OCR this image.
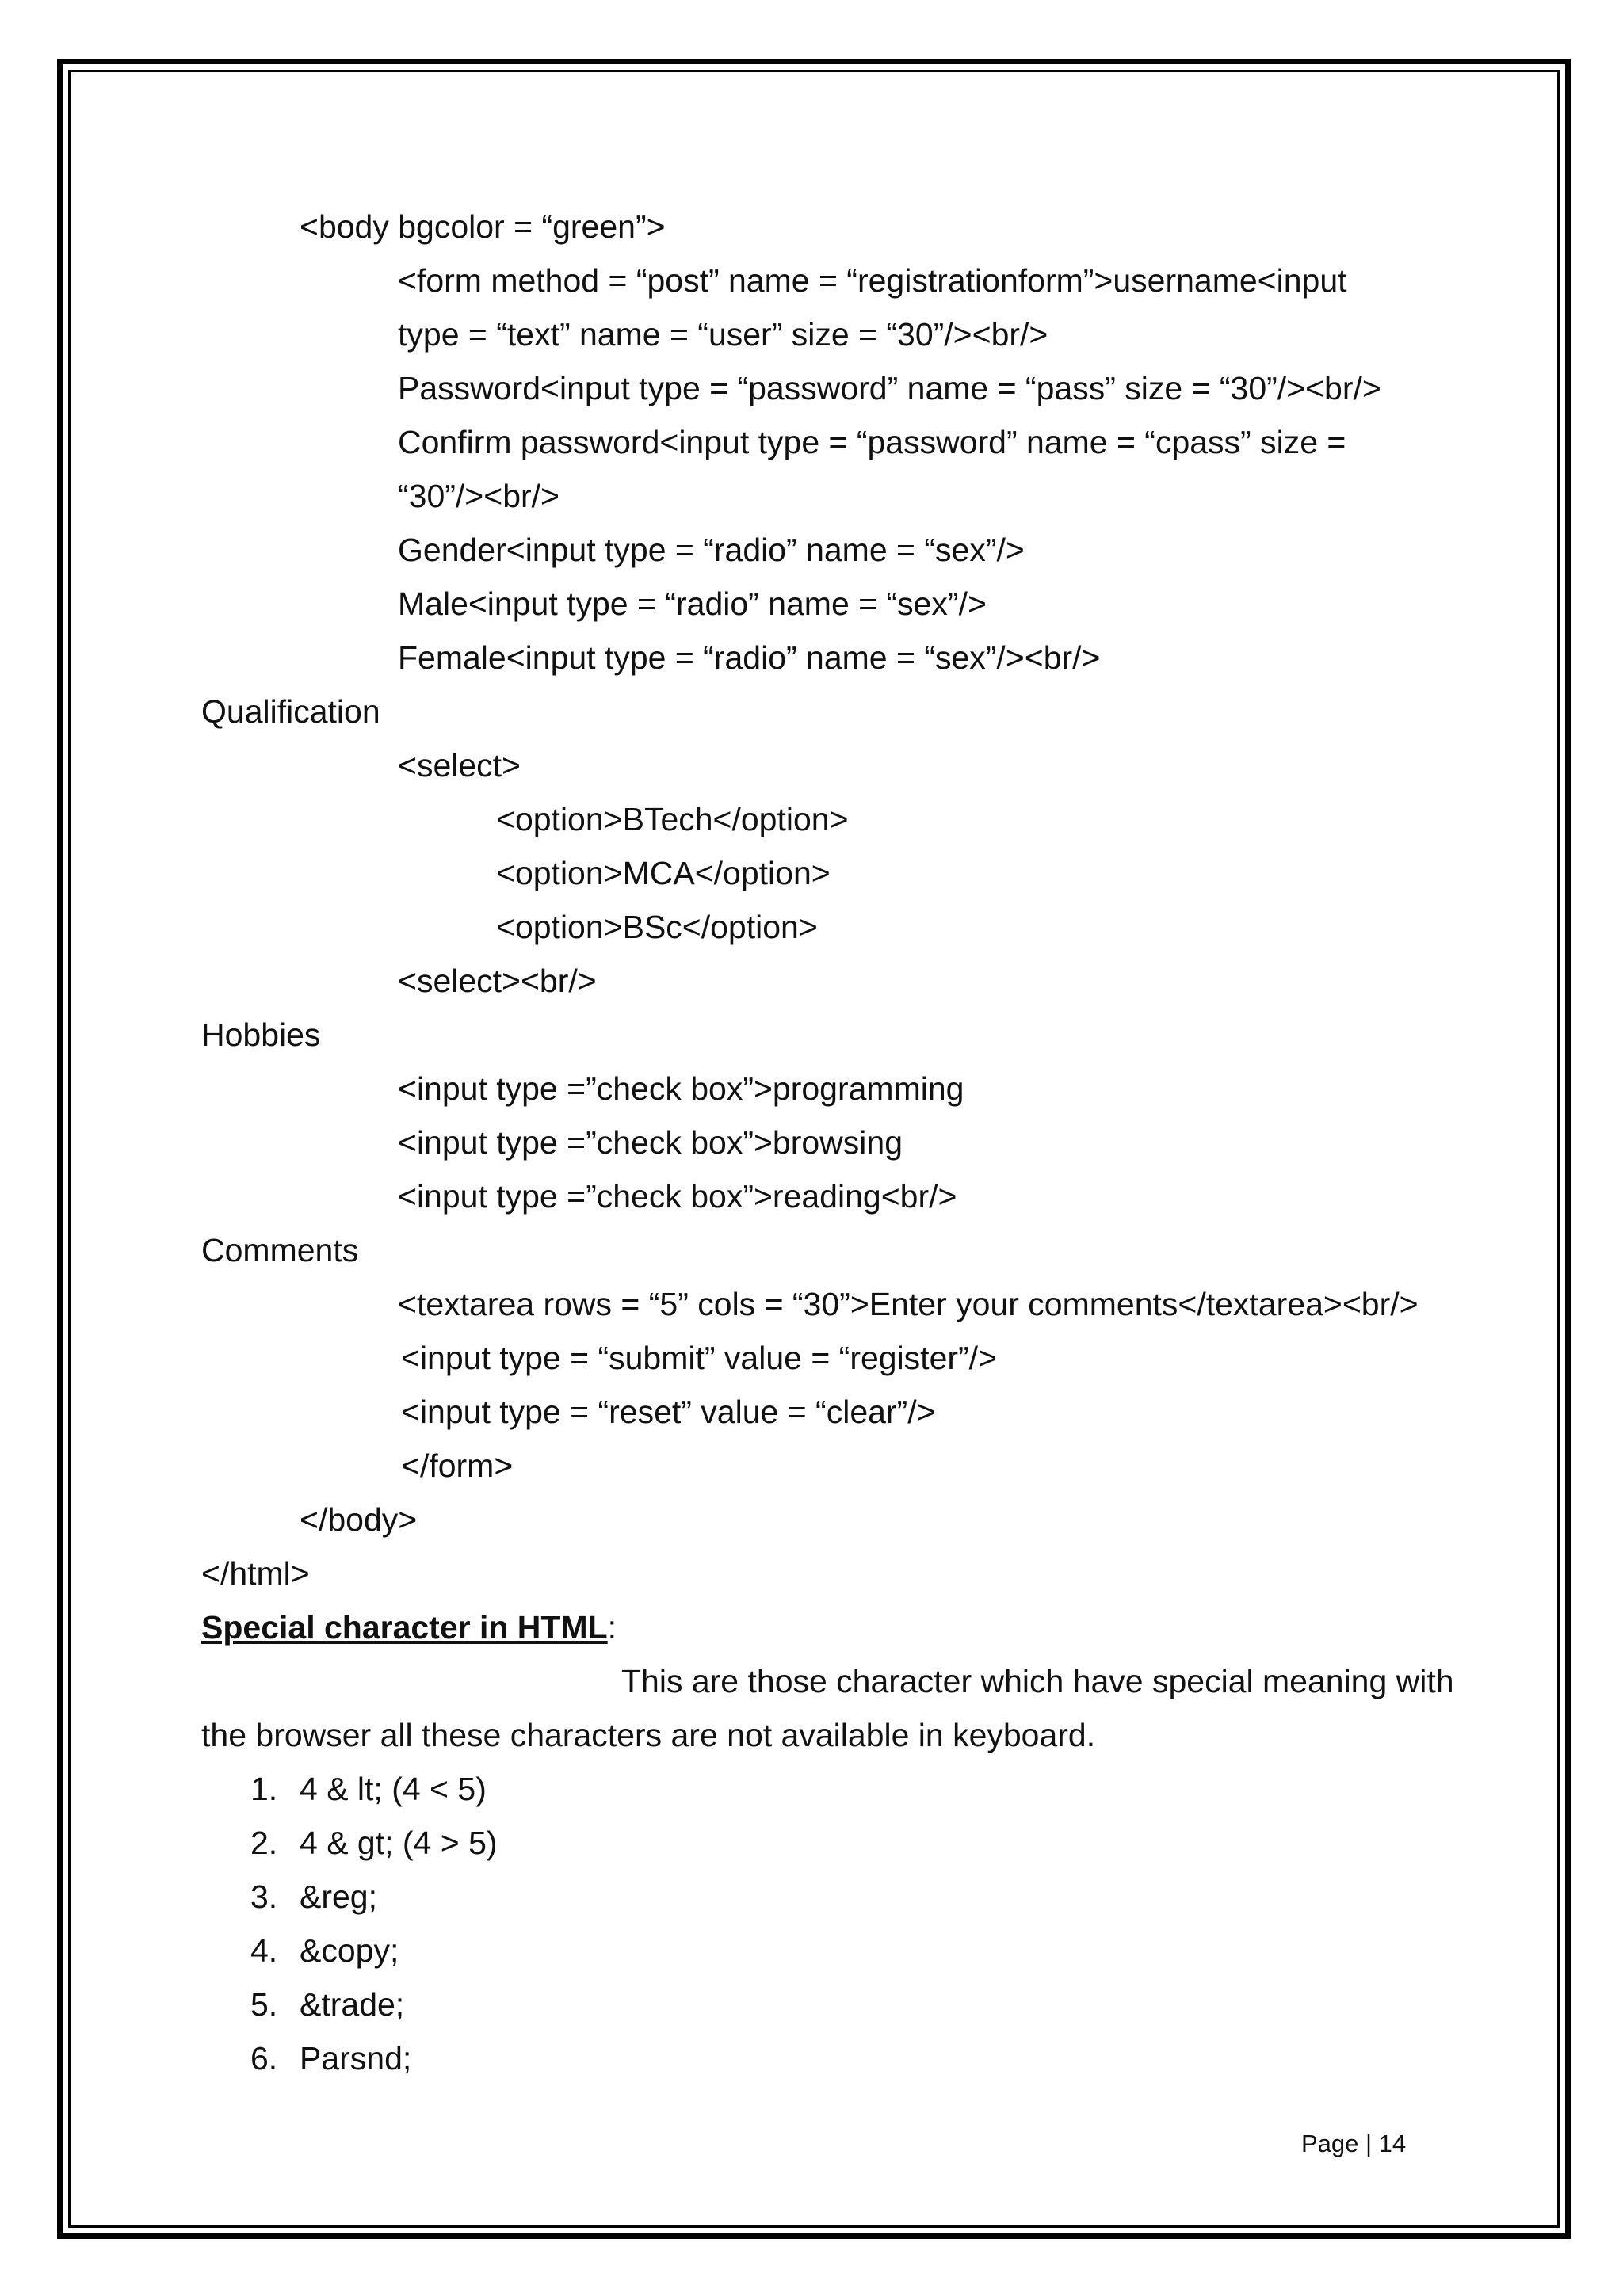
<body bgcolor = “green”>
<form method = “post” name = “registrationform”>username<input
type = “text” name = “user” size = “30”/><br/>
Password<input type = “password” name = “pass” size = “30”/><br/>
Confirm password<input type = “password” name = “cpass” size =
“30”/><br/>
Gender<input type = “radio” name = “sex”/>
Male<input type = “radio” name = “sex”/>
Female<input type = “radio” name = “sex”/><br/>
Qualification
<select>
<option>BTech</option>
<option>MCA</option>
<option>BSc</option>
<select><br/>
Hobbies
<input type =”check box”>programming
<input type =”check box”>browsing
<input type =”check box”>reading<br/>
Comments
<textarea rows = “5” cols = “30”>Enter your comments</textarea><br/>
<input type = “submit” value = “register”/>
<input type = “reset” value = “clear”/>
</form>
</body>
</html>
Special character in HTML:
This are those character which have special meaning with
the browser all these characters are not available in keyboard.
1. 4 & lt; (4 < 5)
2. 4 & gt; (4 > 5)
3. &reg;
4. &copy;
5. &trade;
6. Parsnd;
Page | 14
